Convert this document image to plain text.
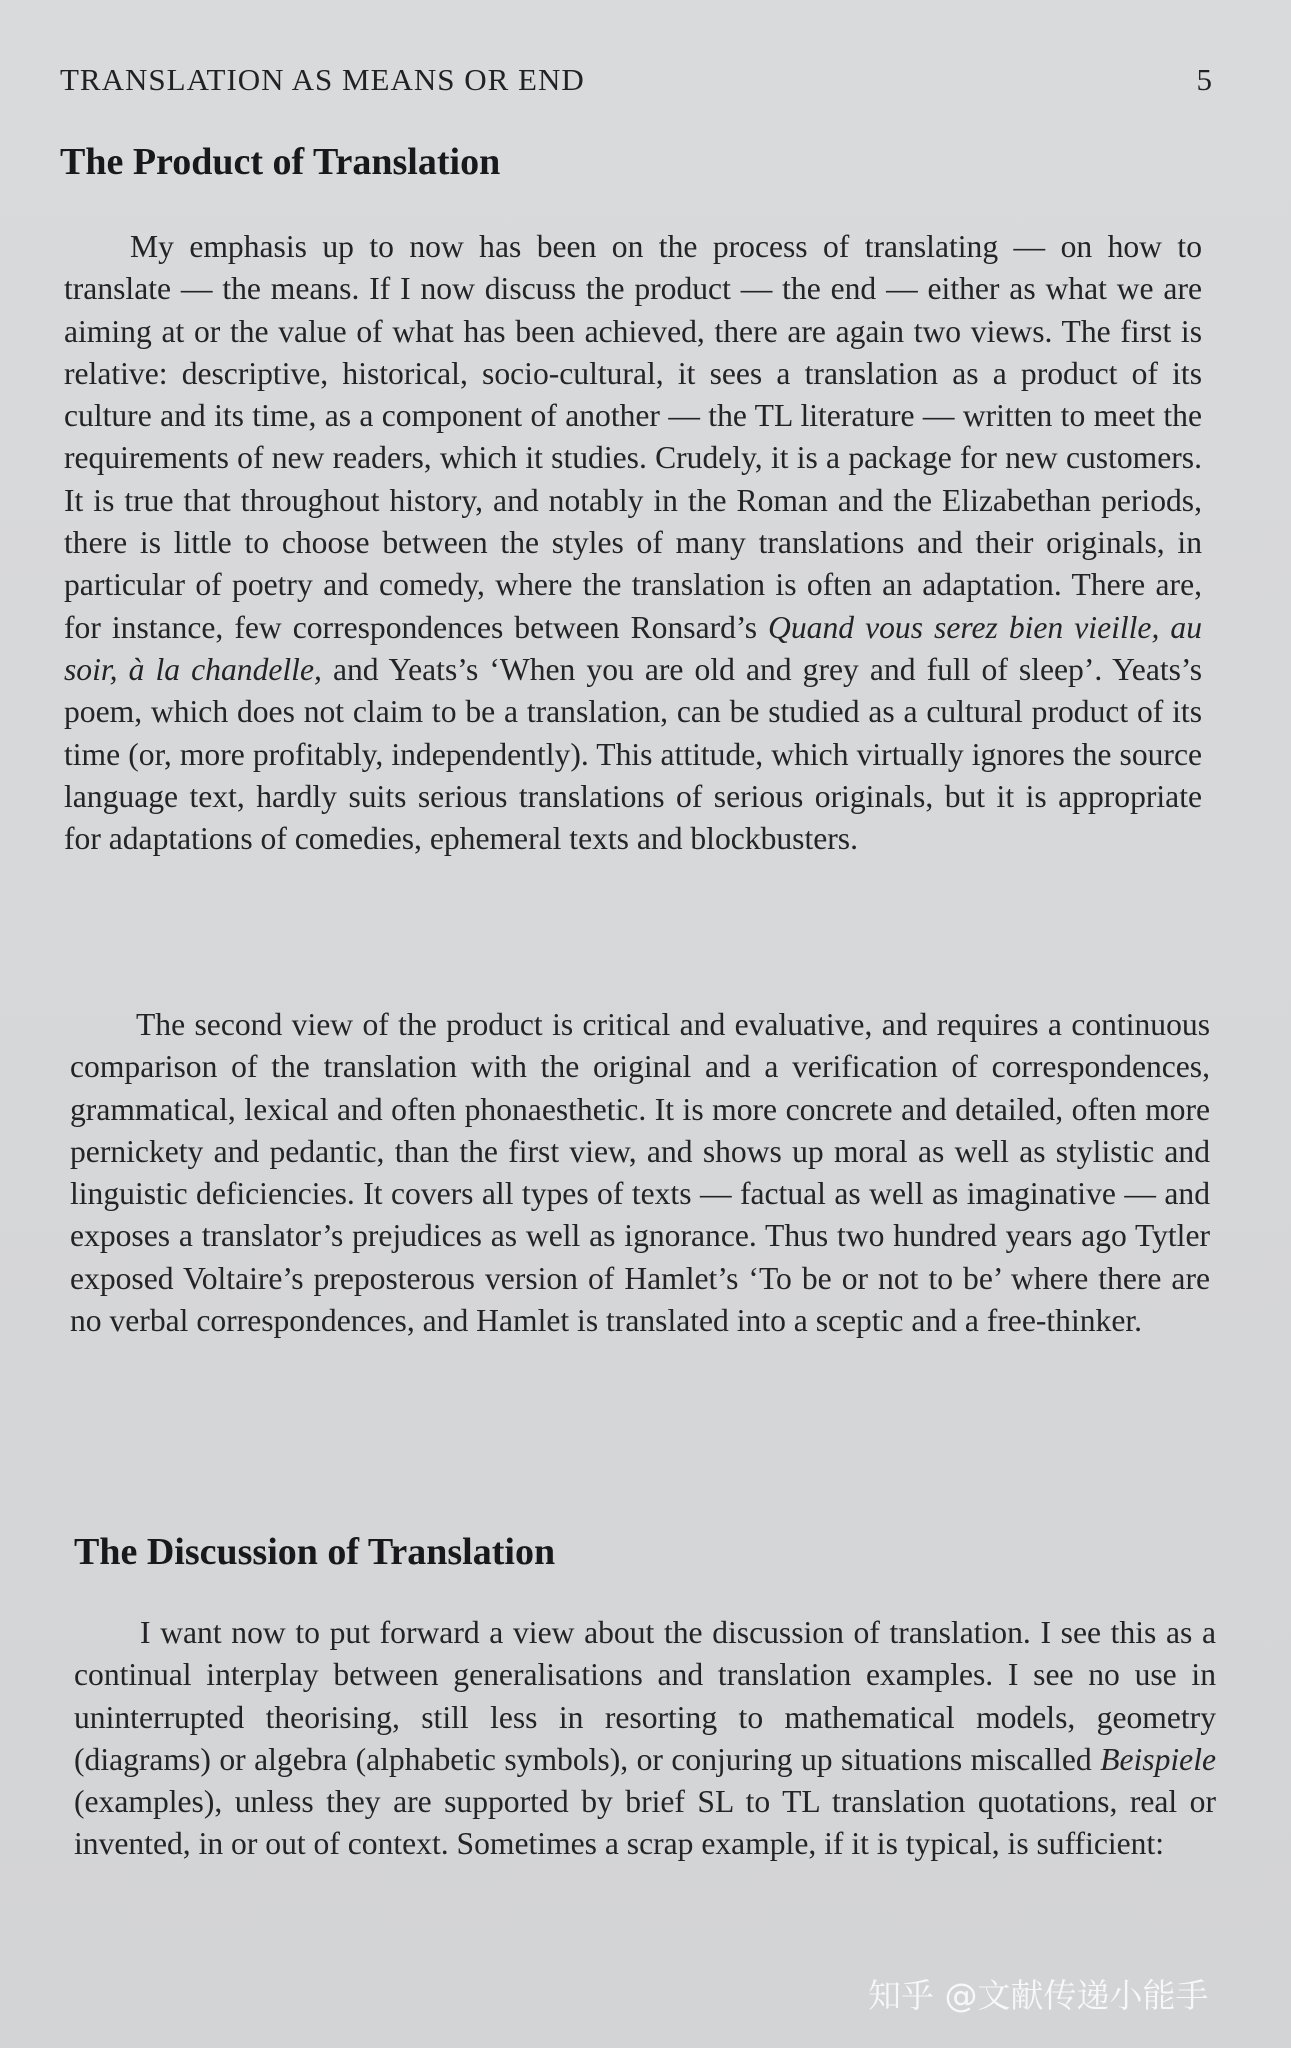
TRANSLATION AS MEANS OR END	5
The Product of Translation

My emphasis up to now has been on the process of translating — on how to translate — the means. If I now discuss the product — the end — either as what we are aiming at or the value of what has been achieved, there are again two views. The first is relative: descriptive, historical, socio-cultural, it sees a translation as a product of its culture and its time, as a component of another — the TL literature — written to meet the requirements of new readers, which it studies. Crudely, it is a package for new customers. It is true that throughout history, and notably in the Roman and the Elizabethan periods, there is little to choose between the styles of many translations and their originals, in particular of poetry and comedy, where the translation is often an adaptation. There are, for instance, few correspondences between Ronsard’s Quand vous serez bien vieille, au soir, à la chandelle, and Yeats’s ‘When you are old and grey and full of sleep’. Yeats’s poem, which does not claim to be a translation, can be studied as a cultural product of its time (or, more profitably, independently). This attitude, which virtually ignores the source language text, hardly suits serious translations of serious originals, but it is appropriate for adaptations of comedies, ephemeral texts and blockbusters.

The second view of the product is critical and evaluative, and requires a continuous comparison of the translation with the original and a verification of correspondences, grammatical, lexical and often phonaesthetic. It is more concrete and detailed, often more pernickety and pedantic, than the first view, and shows up moral as well as stylistic and linguistic deficiencies. It covers all types of texts — factual as well as imaginative — and exposes a translator’s prejudices as well as ignorance. Thus two hundred years ago Tytler exposed Voltaire’s preposterous version of Hamlet’s ‘To be or not to be’ where there are no verbal correspondences, and Hamlet is translated into a sceptic and a free-thinker.

The Discussion of Translation

I want now to put forward a view about the discussion of translation. I see this as a continual interplay between generalisations and translation examples. I see no use in uninterrupted theorising, still less in resorting to mathematical models, geometry (diagrams) or algebra (alphabetic symbols), or conjuring up situations miscalled Beispiele (examples), unless they are supported by brief SL to TL translation quotations, real or invented, in or out of context. Sometimes a scrap example, if it is typical, is sufficient:

知乎 @文献传递小能手
